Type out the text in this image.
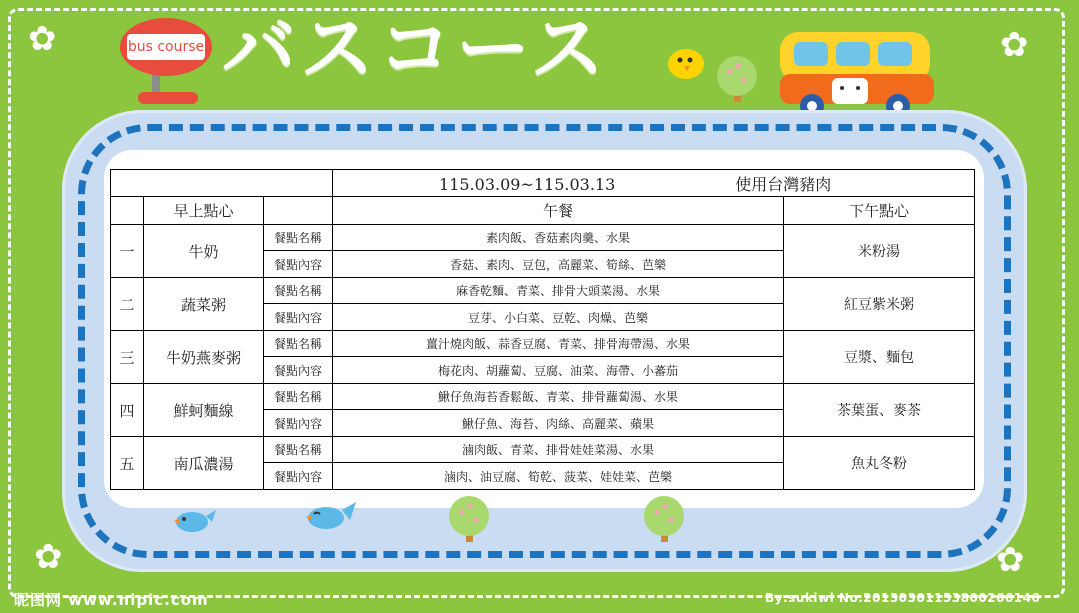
bus course バスコース
✿	✿
✿	✿
			115.03.09~115.03.13 使用台灣豬肉	
	早上點心		午餐	下午點心
一	牛奶	餐點名稱	素肉飯、香菇素肉羹、水果	米粉湯
		餐點內容	香菇、素肉、豆包，高麗菜、筍絲、芭樂	
二	蔬菜粥	餐點名稱	麻香乾麵、青菜、排骨大頭菜湯、水果	紅豆紫米粥
		餐點內容	豆芽、小白菜、豆乾、肉燥、芭樂	
三	牛奶燕麥粥	餐點名稱	薑汁燒肉飯、蒜香豆腐、青菜、排骨海帶湯、水果	豆漿、麵包
		餐點內容	梅花肉、胡蘿蔔、豆腐、油菜、海帶、小蕃茄	
四	鮮蚵麵線	餐點名稱	鰍仔魚海苔香鬆飯、青菜、排骨蘿蔔湯、水果	茶葉蛋、麥茶
		餐點內容	鰍仔魚、海苔、肉絲、高麗菜、蘋果	
五	南瓜濃湯	餐點名稱	滷肉飯、青菜、排骨娃娃菜湯、水果	魚丸冬粉
		餐點內容	滷肉、油豆腐、筍乾、菠菜、娃娃菜、芭樂	
昵图网 www.nipic.com	By:sukiwl No.20130301153800266146
